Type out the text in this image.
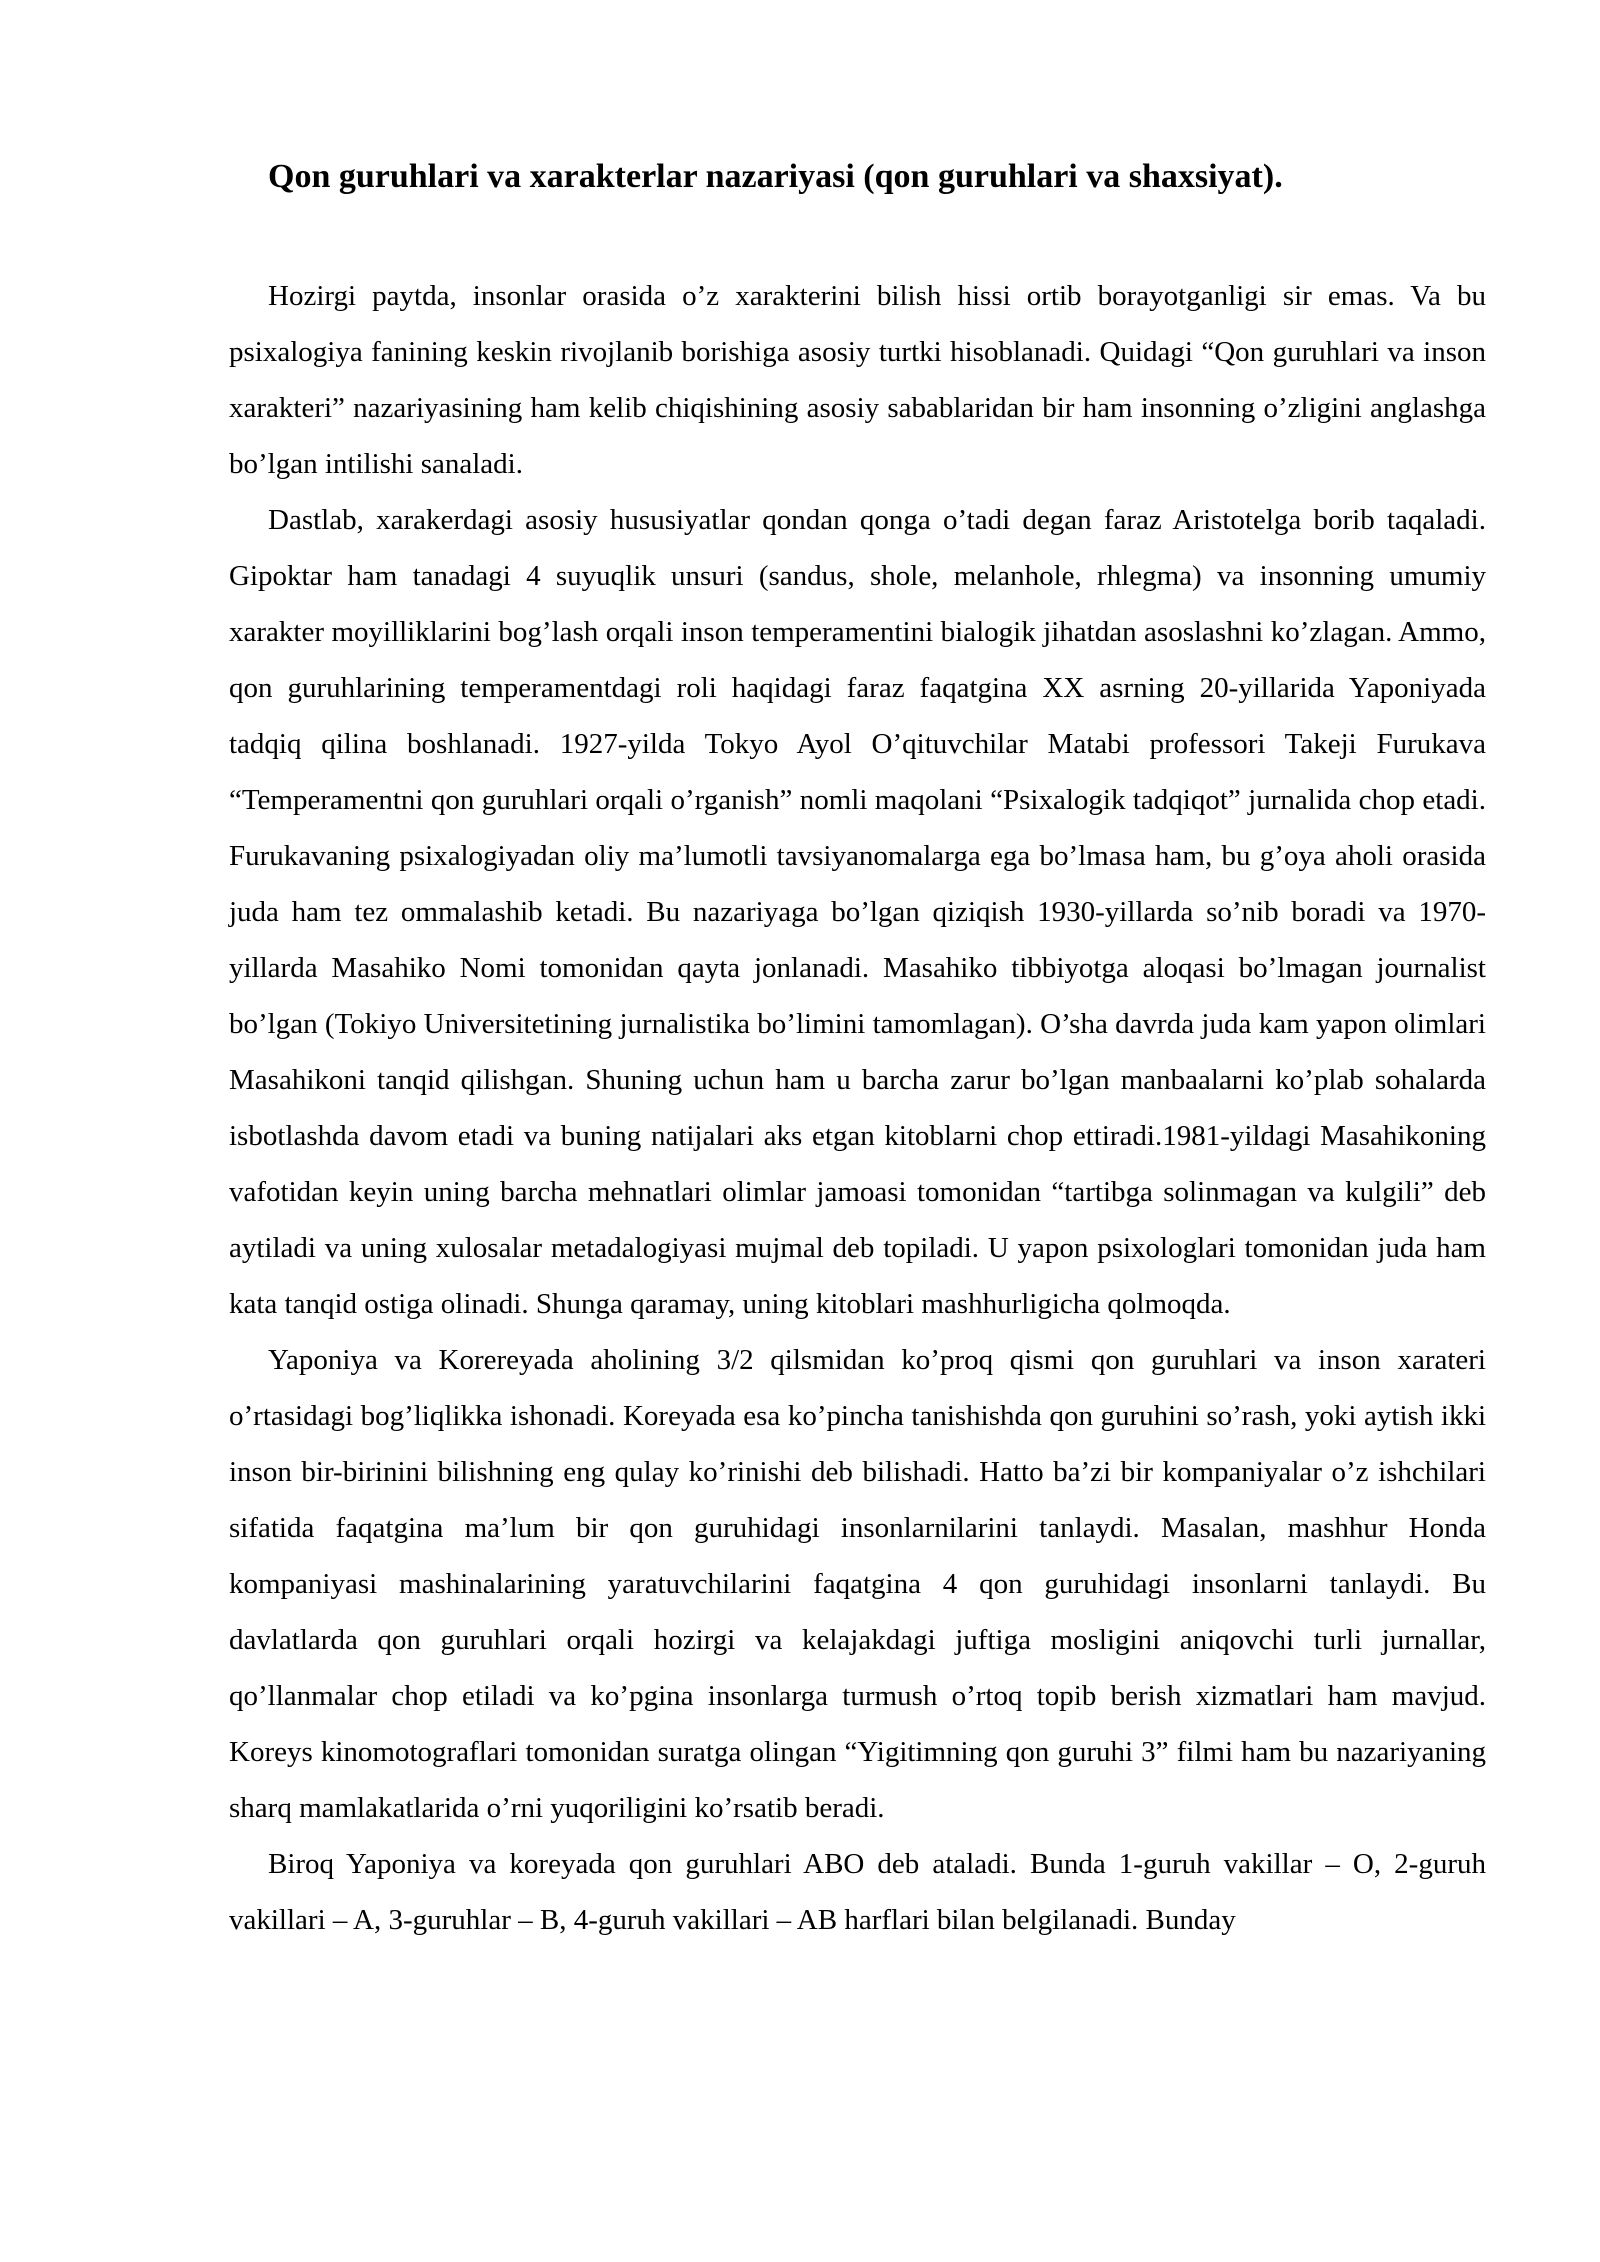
Qon guruhlari va xarakterlar nazariyasi (qon guruhlari va shaxsiyat).

Hozirgi paytda, insonlar orasida o’z xarakterini bilish hissi ortib borayotganligi sir emas. Va bu psixalogiya fanining keskin rivojlanib borishiga asosiy turtki hisoblanadi. Quidagi “Qon guruhlari va inson xarakteri” nazariyasining ham kelib chiqishining asosiy sabablaridan bir ham insonning o’zligini anglashga bo’lgan intilishi sanaladi.

Dastlab, xarakerdagi asosiy hususiyatlar qondan qonga o’tadi degan faraz Aristotelga borib taqaladi. Gipoktar ham tanadagi 4 suyuqlik unsuri (sandus, shole, melanhole, rhlegma) va insonning umumiy xarakter moyilliklarini bog’lash orqali inson temperamentini bialogik jihatdan asoslashni ko’zlagan. Ammo, qon guruhlarining temperamentdagi roli haqidagi faraz faqatgina XX asrning 20-yillarida Yaponiyada tadqiq qilina boshlanadi. 1927-yilda Tokyo Ayol O’qituvchilar Matabi professori Takeji Furukava “Temperamentni qon guruhlari orqali o’rganish” nomli maqolani “Psixalogik tadqiqot” jurnalida chop etadi. Furukavaning psixalogiyadan oliy ma’lumotli tavsiyanomalarga ega bo’lmasa ham, bu g’oya aholi orasida juda ham tez ommalashib ketadi. Bu nazariyaga bo’lgan qiziqish 1930-yillarda so’nib boradi va 1970-yillarda Masahiko Nomi tomonidan qayta jonlanadi. Masahiko tibbiyotga aloqasi bo’lmagan journalist bo’lgan (Tokiyo Universitetining jurnalistika bo’limini tamomlagan). O’sha davrda juda kam yapon olimlari Masahikoni tanqid qilishgan. Shuning uchun ham u barcha zarur bo’lgan manbaalarni ko’plab sohalarda isbotlashda davom etadi va buning natijalari aks etgan kitoblarni chop ettiradi.1981-yildagi Masahikoning vafotidan keyin uning barcha mehnatlari olimlar jamoasi tomonidan “tartibga solinmagan va kulgili” deb aytiladi va uning xulosalar metadalogiyasi mujmal deb topiladi. U yapon psixologlari tomonidan juda ham kata tanqid ostiga olinadi. Shunga qaramay, uning kitoblari mashhurligicha qolmoqda.

Yaponiya va Korereyada aholining 3/2 qilsmidan ko’proq qismi qon guruhlari va inson xarateri o’rtasidagi bog’liqlikka ishonadi. Koreyada esa ko’pincha tanishishda qon guruhini so’rash, yoki aytish ikki inson bir-birinini bilishning eng qulay ko’rinishi deb bilishadi. Hatto ba’zi bir kompaniyalar o’z ishchilari sifatida faqatgina ma’lum bir qon guruhidagi insonlarnilarini tanlaydi. Masalan, mashhur Honda kompaniyasi mashinalarining yaratuvchilarini faqatgina 4 qon guruhidagi insonlarni tanlaydi. Bu davlatlarda qon guruhlari orqali hozirgi va kelajakdagi juftiga mosligini aniqovchi turli jurnallar, qo’llanmalar chop etiladi va ko’pgina insonlarga turmush o’rtoq topib berish xizmatlari ham mavjud. Koreys kinomotograflari tomonidan suratga olingan “Yigitimning qon guruhi 3” filmi ham bu nazariyaning sharq mamlakatlarida o’rni yuqoriligini ko’rsatib beradi.

Biroq Yaponiya va koreyada qon guruhlari ABO deb ataladi. Bunda 1-guruh vakillar – O, 2-guruh vakillari – A, 3-guruhlar – B, 4-guruh vakillari – AB harflari bilan belgilanadi. Bunday
